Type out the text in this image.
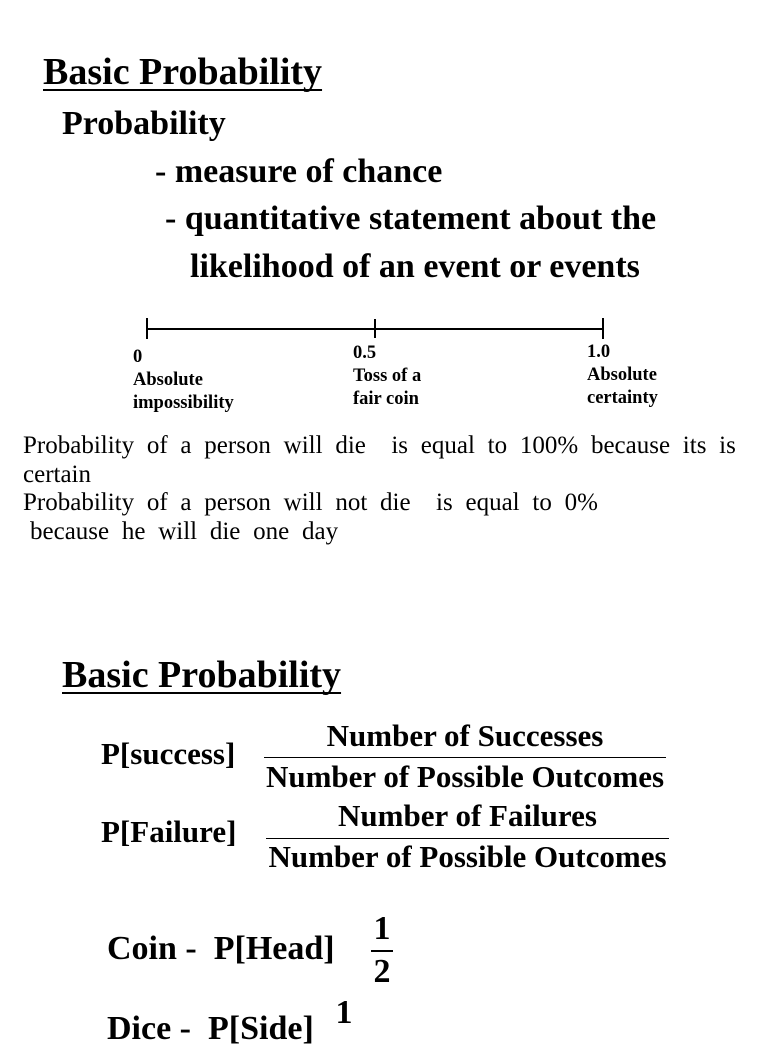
Basic Probability
Probability
- measure of chance
- quantitative statement about the
likelihood of an event or events
0
Absolute
impossibility
0.5
Toss of a
fair coin
1.0
Absolute
certainty
Probability of a person will die  is equal to 100% because its is
certain
Probability of a person will not die  is equal to 0%
because he will die one day
Basic Probability
P[success]
Number of Successes
Number of Possible Outcomes
P[Failure]	Number of Failures
Number of Possible Outcomes
Coin -  P[Head]
1
2
Dice -  P[Side] 1
